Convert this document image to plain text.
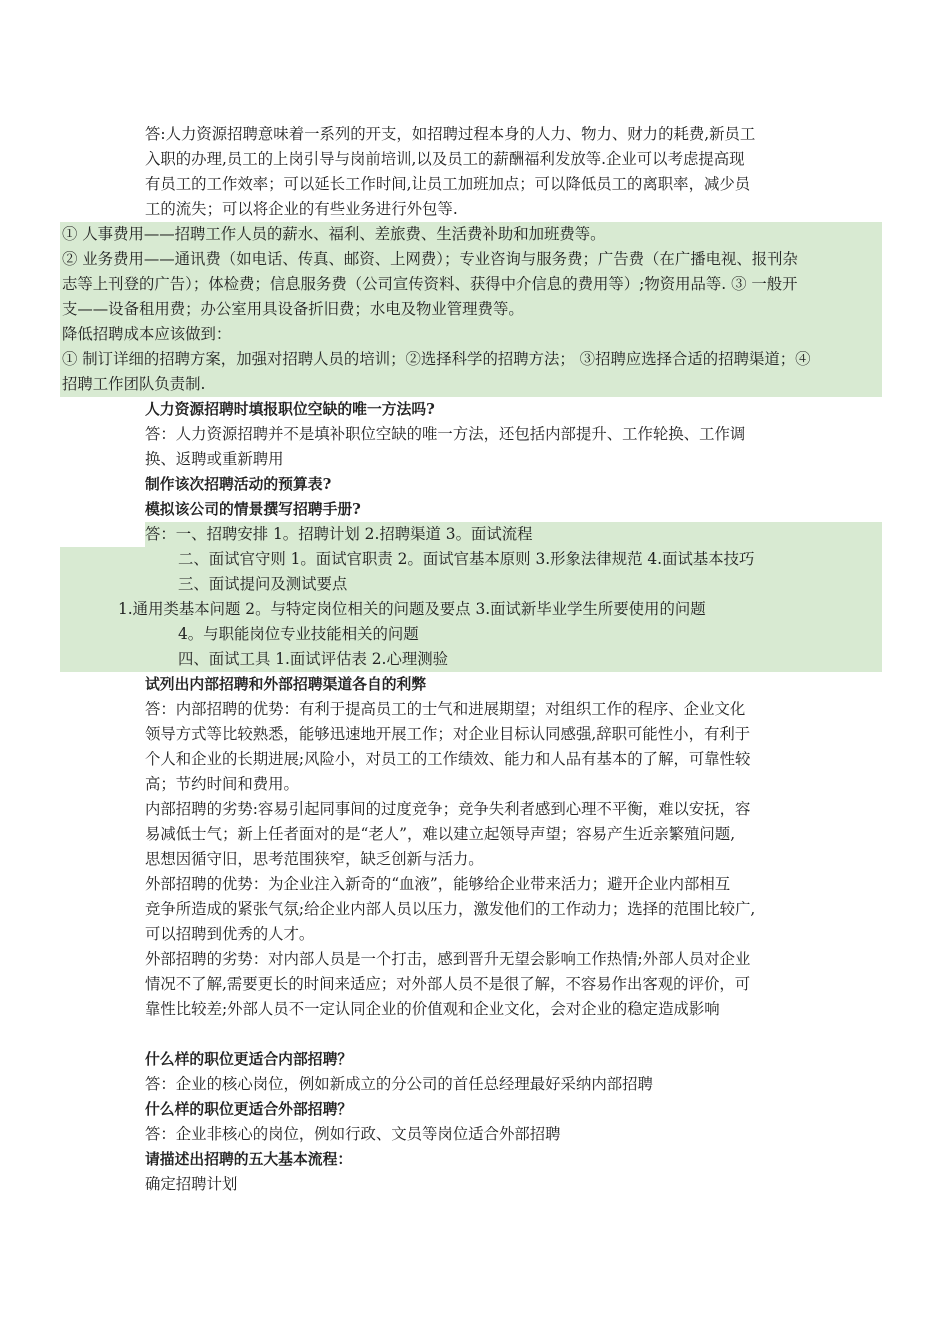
答:人力资源招聘意味着一系列的开支，如招聘过程本身的人力、物力、财力的耗费,新员工
入职的办理,员工的上岗引导与岗前培训,以及员工的薪酬福利发放等.企业可以考虑提高现
有员工的工作效率；可以延长工作时间,让员工加班加点；可以降低员工的离职率，减少员
工的流失；可以将企业的有些业务进行外包等.
① 人事费用——招聘工作人员的薪水、福利、差旅费、生活费补助和加班费等。
② 业务费用——通讯费（如电话、传真、邮资、上网费）；专业咨询与服务费；广告费（在广播电视、报刊杂
志等上刊登的广告）；体检费；信息服务费（公司宣传资料、获得中介信息的费用等）;物资用品等. ③ 一般开
支——设备租用费；办公室用具设备折旧费；水电及物业管理费等。
降低招聘成本应该做到：
① 制订详细的招聘方案，加强对招聘人员的培训；②选择科学的招聘方法； ③招聘应选择合适的招聘渠道；④
招聘工作团队负责制.
人力资源招聘时填报职位空缺的唯一方法吗?
答：人力资源招聘并不是填补职位空缺的唯一方法，还包括内部提升、工作轮换、工作调
换、返聘或重新聘用
制作该次招聘活动的预算表?
模拟该公司的情景撰写招聘手册?
答：一、招聘安排 1。招聘计划 2.招聘渠道 3。面试流程
二、面试官守则 1。面试官职责 2。面试官基本原则 3.形象法律规范 4.面试基本技巧
三、面试提问及测试要点
1.通用类基本问题 2。与特定岗位相关的问题及要点 3.面试新毕业学生所要使用的问题
4。与职能岗位专业技能相关的问题
四、面试工具 1.面试评估表 2.心理测验
试列出内部招聘和外部招聘渠道各自的利弊
答：内部招聘的优势：有利于提高员工的士气和进展期望；对组织工作的程序、企业文化
领导方式等比较熟悉，能够迅速地开展工作；对企业目标认同感强,辞职可能性小，有利于
个人和企业的长期进展;风险小，对员工的工作绩效、能力和人品有基本的了解，可靠性较
高；节约时间和费用。
内部招聘的劣势:容易引起同事间的过度竞争；竞争失利者感到心理不平衡，难以安抚，容
易减低士气；新上任者面对的是“老人”，难以建立起领导声望；容易产生近亲繁殖问题,
思想因循守旧，思考范围狭窄，缺乏创新与活力。
外部招聘的优势：为企业注入新奇的“血液”，能够给企业带来活力；避开企业内部相互
竞争所造成的紧张气氛;给企业内部人员以压力，激发他们的工作动力；选择的范围比较广,
可以招聘到优秀的人才。
外部招聘的劣势：对内部人员是一个打击，感到晋升无望会影响工作热情;外部人员对企业
情况不了解,需要更长的时间来适应；对外部人员不是很了解，不容易作出客观的评价，可
靠性比较差;外部人员不一定认同企业的价值观和企业文化，会对企业的稳定造成影响
什么样的职位更适合内部招聘？
答：企业的核心岗位，例如新成立的分公司的首任总经理最好采纳内部招聘
什么样的职位更适合外部招聘？
答：企业非核心的岗位，例如行政、文员等岗位适合外部招聘
请描述出招聘的五大基本流程：
确定招聘计划
